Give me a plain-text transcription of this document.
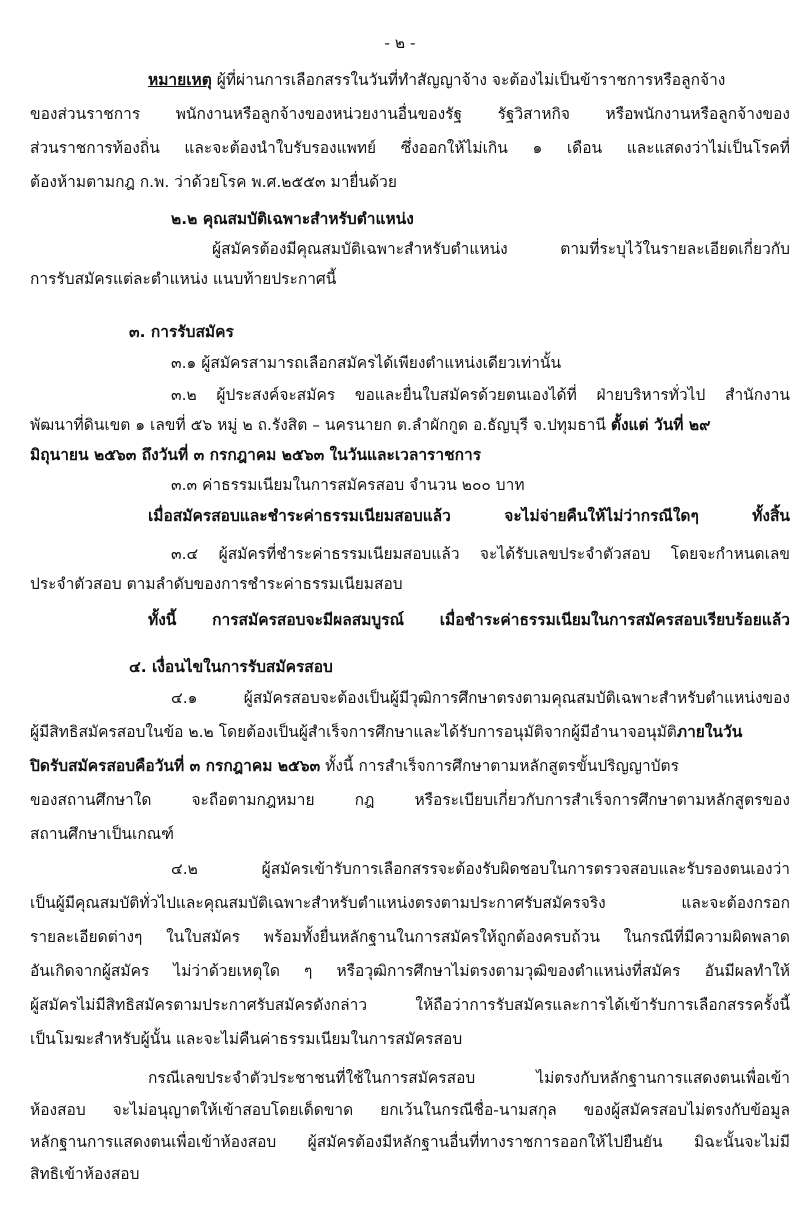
- ๒ -
หมายเหตุ ผู้ที่ผ่านการเลือกสรรในวันที่ทำสัญญาจ้าง จะต้องไม่เป็นข้าราชการหรือลูกจ้าง
ของส่วนราชการ พนักงานหรือลูกจ้างของหน่วยงานอื่นของรัฐ รัฐวิสาหกิจ หรือพนักงานหรือลูกจ้างของ
ส่วนราชการท้องถิ่น และจะต้องนำใบรับรองแพทย์ ซึ่งออกให้ไม่เกิน ๑ เดือน และแสดงว่าไม่เป็นโรคที่
ต้องห้ามตามกฎ ก.พ. ว่าด้วยโรค พ.ศ.๒๕๕๓ มายื่นด้วย
๒.๒ คุณสมบัติเฉพาะสำหรับตำแหน่ง
ผู้สมัครต้องมีคุณสมบัติเฉพาะสำหรับตำแหน่ง ตามที่ระบุไว้ในรายละเอียดเกี่ยวกับ
การรับสมัครแต่ละตำแหน่ง แนบท้ายประกาศนี้
๓. การรับสมัคร
๓.๑ ผู้สมัครสามารถเลือกสมัครได้เพียงตำแหน่งเดียวเท่านั้น
๓.๒ ผู้ประสงค์จะสมัคร ขอและยื่นใบสมัครด้วยตนเองได้ที่ ฝ่ายบริหารทั่วไป สำนักงาน
พัฒนาที่ดินเขต ๑ เลขที่ ๕๖ หมู่ ๒ ถ.รังสิต – นครนายก ต.ลำผักกูด อ.ธัญบุรี จ.ปทุมธานี ตั้งแต่ วันที่ ๒๙
มิถุนายน ๒๕๖๓ ถึงวันที่ ๓ กรกฎาคม ๒๕๖๓ ในวันและเวลาราชการ
๓.๓ ค่าธรรมเนียมในการสมัครสอบ จำนวน ๒๐๐ บาท
เมื่อสมัครสอบและชำระค่าธรรมเนียมสอบแล้ว จะไม่จ่ายคืนให้ไม่ว่ากรณีใดๆ ทั้งสิ้น
๓.๔ ผู้สมัครที่ชำระค่าธรรมเนียมสอบแล้ว จะได้รับเลขประจำตัวสอบ โดยจะกำหนดเลข
ประจำตัวสอบ ตามลำดับของการชำระค่าธรรมเนียมสอบ
ทั้งนี้ การสมัครสอบจะมีผลสมบูรณ์ เมื่อชำระค่าธรรมเนียมในการสมัครสอบเรียบร้อยแล้ว
๔. เงื่อนไขในการรับสมัครสอบ
๔.๑ ผู้สมัครสอบจะต้องเป็นผู้มีวุฒิการศึกษาตรงตามคุณสมบัติเฉพาะสำหรับตำแหน่งของ
ผู้มีสิทธิสมัครสอบในข้อ ๒.๒ โดยต้องเป็นผู้สำเร็จการศึกษาและได้รับการอนุมัติจากผู้มีอำนาจอนุมัติภายในวัน
ปิดรับสมัครสอบคือวันที่ ๓ กรกฎาคม ๒๕๖๓ ทั้งนี้ การสำเร็จการศึกษาตามหลักสูตรขั้นปริญญาบัตร
ของสถานศึกษาใด จะถือตามกฎหมาย กฎ หรือระเบียบเกี่ยวกับการสำเร็จการศึกษาตามหลักสูตรของ
สถานศึกษาเป็นเกณฑ์
๔.๒ ผู้สมัครเข้ารับการเลือกสรรจะต้องรับผิดชอบในการตรวจสอบและรับรองตนเองว่า
เป็นผู้มีคุณสมบัติทั่วไปและคุณสมบัติเฉพาะสำหรับตำแหน่งตรงตามประกาศรับสมัครจริง และจะต้องกรอก
รายละเอียดต่างๆ ในใบสมัคร พร้อมทั้งยื่นหลักฐานในการสมัครให้ถูกต้องครบถ้วน ในกรณีที่มีความผิดพลาด
อันเกิดจากผู้สมัคร ไม่ว่าด้วยเหตุใด ๆ หรือวุฒิการศึกษาไม่ตรงตามวุฒิของตำแหน่งที่สมัคร อันมีผลทำให้
ผู้สมัครไม่มีสิทธิสมัครตามประกาศรับสมัครดังกล่าว ให้ถือว่าการรับสมัครและการได้เข้ารับการเลือกสรรครั้งนี้
เป็นโมฆะสำหรับผู้นั้น และจะไม่คืนค่าธรรมเนียมในการสมัครสอบ
กรณีเลขประจำตัวประชาชนที่ใช้ในการสมัครสอบ ไม่ตรงกับหลักฐานการแสดงตนเพื่อเข้า
ห้องสอบ จะไม่อนุญาตให้เข้าสอบโดยเด็ดขาด ยกเว้นในกรณีชื่อ-นามสกุล ของผู้สมัครสอบไม่ตรงกับข้อมูล
หลักฐานการแสดงตนเพื่อเข้าห้องสอบ ผู้สมัครต้องมีหลักฐานอื่นที่ทางราชการออกให้ไปยืนยัน มิฉะนั้นจะไม่มี
สิทธิเข้าห้องสอบ
